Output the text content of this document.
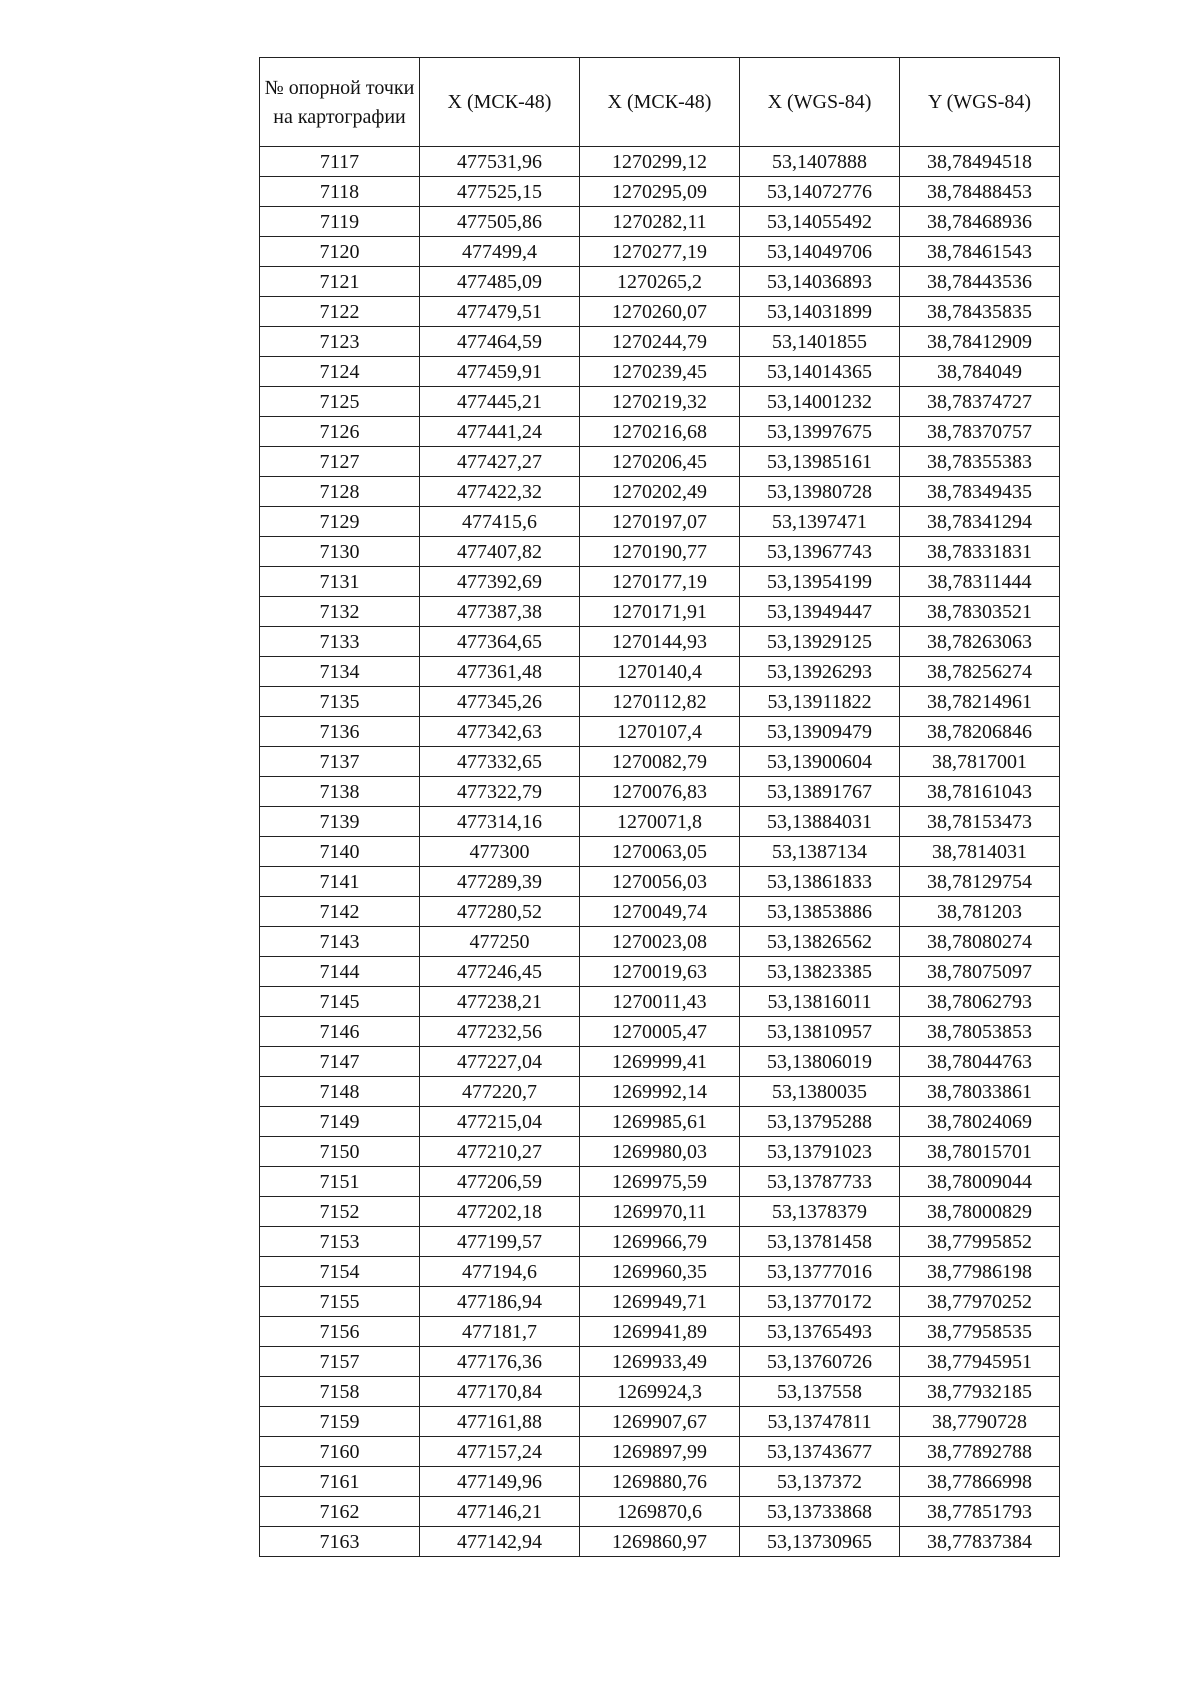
№ опорной точки на картографии	X (МСК-48)	X (МСК-48)	X (WGS-84)	Y (WGS-84)
7117	477531,96	1270299,12	53,1407888	38,78494518
7118	477525,15	1270295,09	53,14072776	38,78488453
7119	477505,86	1270282,11	53,14055492	38,78468936
7120	477499,4	1270277,19	53,14049706	38,78461543
7121	477485,09	1270265,2	53,14036893	38,78443536
7122	477479,51	1270260,07	53,14031899	38,78435835
7123	477464,59	1270244,79	53,1401855	38,78412909
7124	477459,91	1270239,45	53,14014365	38,784049
7125	477445,21	1270219,32	53,14001232	38,78374727
7126	477441,24	1270216,68	53,13997675	38,78370757
7127	477427,27	1270206,45	53,13985161	38,78355383
7128	477422,32	1270202,49	53,13980728	38,78349435
7129	477415,6	1270197,07	53,1397471	38,78341294
7130	477407,82	1270190,77	53,13967743	38,78331831
7131	477392,69	1270177,19	53,13954199	38,78311444
7132	477387,38	1270171,91	53,13949447	38,78303521
7133	477364,65	1270144,93	53,13929125	38,78263063
7134	477361,48	1270140,4	53,13926293	38,78256274
7135	477345,26	1270112,82	53,13911822	38,78214961
7136	477342,63	1270107,4	53,13909479	38,78206846
7137	477332,65	1270082,79	53,13900604	38,7817001
7138	477322,79	1270076,83	53,13891767	38,78161043
7139	477314,16	1270071,8	53,13884031	38,78153473
7140	477300	1270063,05	53,1387134	38,7814031
7141	477289,39	1270056,03	53,13861833	38,78129754
7142	477280,52	1270049,74	53,13853886	38,781203
7143	477250	1270023,08	53,13826562	38,78080274
7144	477246,45	1270019,63	53,13823385	38,78075097
7145	477238,21	1270011,43	53,13816011	38,78062793
7146	477232,56	1270005,47	53,13810957	38,78053853
7147	477227,04	1269999,41	53,13806019	38,78044763
7148	477220,7	1269992,14	53,1380035	38,78033861
7149	477215,04	1269985,61	53,13795288	38,78024069
7150	477210,27	1269980,03	53,13791023	38,78015701
7151	477206,59	1269975,59	53,13787733	38,78009044
7152	477202,18	1269970,11	53,1378379	38,78000829
7153	477199,57	1269966,79	53,13781458	38,77995852
7154	477194,6	1269960,35	53,13777016	38,77986198
7155	477186,94	1269949,71	53,13770172	38,77970252
7156	477181,7	1269941,89	53,13765493	38,77958535
7157	477176,36	1269933,49	53,13760726	38,77945951
7158	477170,84	1269924,3	53,137558	38,77932185
7159	477161,88	1269907,67	53,13747811	38,7790728
7160	477157,24	1269897,99	53,13743677	38,77892788
7161	477149,96	1269880,76	53,137372	38,77866998
7162	477146,21	1269870,6	53,13733868	38,77851793
7163	477142,94	1269860,97	53,13730965	38,77837384
